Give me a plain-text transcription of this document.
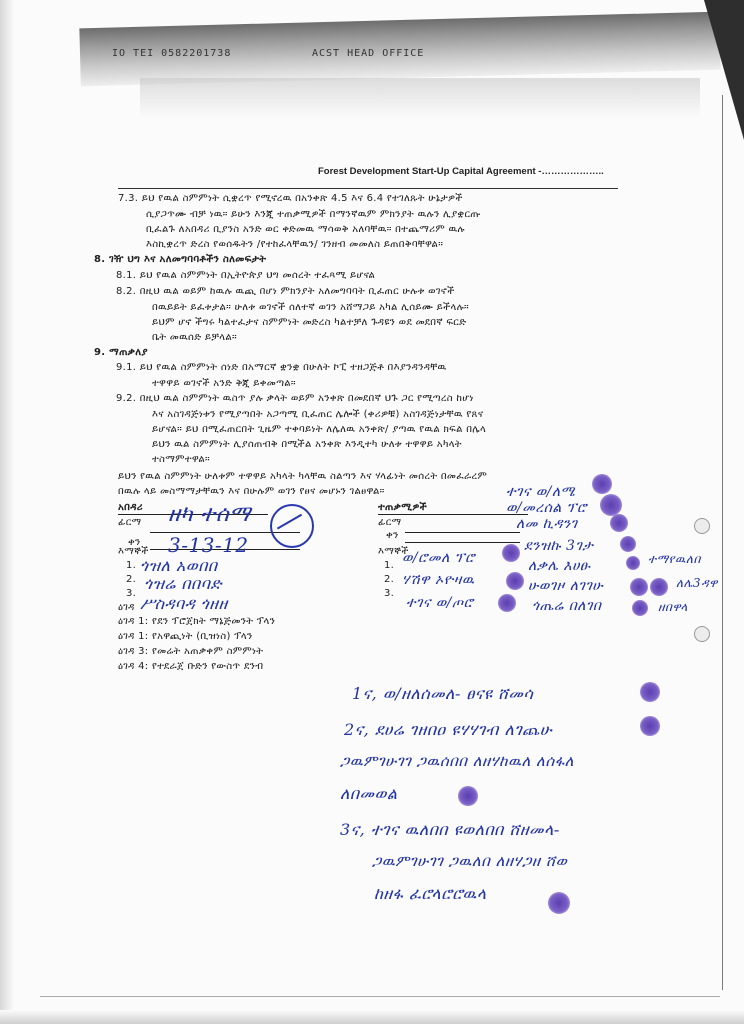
IO TEI 0582201738	ACST HEAD OFFICE
Forest Development Start-Up Capital Agreement -………………..
7.3. ይህ የዉል ስምምነት ሲቋረጥ የሚኖረዉ በአንቀጽ 4.5 እና 6.4 የተገለጹት ሁኔታዎች
ሲያጋጥሙ ብቻ ነዉ። ይሁን እንጂ ተጠቃሚዎች በማንኛዉም ምክንያት ዉሉን ሊያቋርጡ
ቢፈልጉ ለአበዳሪ ቢያንስ አንድ ወር ቀድመዉ ማሳወቅ አለባቸዉ። በተጨማሪም ዉሉ
እስኪቋረጥ ድረስ የወሰዱትን /የተከፈላቸዉን/ ገንዘብ መመለስ ይጠበቅባቸዋል።
8. ገዥ ህግ እና አለመግባባቶችን ስለመፍታት
8.1. ይህ የዉል ስምምነት በኢትዮጵያ ህግ መሰረት ተፈጻሚ ይሆናል
8.2. በዚህ ዉል ወይም ከዉሉ ዉጪ በሆነ ምክንያት አለመግባባት ቢፈጠር ሁሉቱ ወገኖች
በዉይይት ይፈቱታል። ሁለቱ ወገኖች ሰለተኛ ወገን አሸማጋይ አካል ሊሰይሙ ይችላሉ።
ይህም ሆኖ ችግሩ ካልተፈታና ስምምነት መድረስ ካልተቻለ ጉዳዩን ወደ መደበኛ ፍርድ
ቤት መዉሰድ ይቻላል።
9. ማጠቃለያ
9.1. ይህ የዉል ስምምነት ሰነድ በአማርኛ ቋንቋ በሁለት ኮፒ ተዘጋጅቶ በእያንዳንዳቸዉ
ተዋዋይ ወገኖች አንድ ቅጂ ይቀመጣል።
9.2. በዚህ ዉል ስምምነት ዉስጥ ያሉ ቃላት ወይም አንቀጽ በመደበኛ ህጉ ጋር የሚጣረስ ከሆነ
እና አስገዳጅነቱን የሚያጣበት አጋጣሚ ቢፈጠር ሌሎች (ቀሪዎቹ) አስገዳጅነታቸዉ የጸና
ይሆናል። ይህ በሚፈጠርበት ጊዜም ተቀባይነት ለሌለዉ አንቀጽ/ ያጣዉ የዉል ክፍል በሌላ
ይህን ዉል ስምምነት ሊያሰጠብቅ በሚችል አንቀጽ እንዲተካ ሁለቱ ተዋዋይ አካላት
ተስማምተዋል።
ይህን የዉል ስምምነት ሁለቱም ተዋዋይ አካላት ካላቸዉ ስልጣን እና ሃላፊነት መሰረት በመፈራረም
በዉሉ ላይ መስማማታቸዉን እና በሁሉም ወገን የፀና መሆኑን ገልፀዋል።
አበዳሪ
ፊርማ
ቀን
እማኞች
1.
2.
3.
ተጠቃሚዎች
ፊርማ
ቀን
እማኞች
1.
2.
3.
ዕገዳ
ዕገዳ 1: የደን ፕሮጀክት ማኔጅመንት ፕላን
ዕገዳ 1: የአዋጪነት (ቢዝነስ) ፕላን
ዕገዳ 3: የመሬት አጠቃቀም ስምምነት
ዕገዳ 4: የተደራጀ ቡድን የውስጥ ደንብ
ዘካ ተሰማ
3-13-12
ጎዝለ አወበበ
ጎዝሬ በበባድ
ሥስዳባዳ ጎዘዘ
ተገና ወ/ለሜ
ወ/መረሰል ፕሮ
ለመ ኪዳንገ
ወ/ሮመለ ፕሮ
ሃሽዋ ኦዮዛዉ
ተገና ወ/ጦሮ
ደንዝኩ 3ገታ
ለቃሌ እሀፁ
ሁወገዞ ለገገሁ
ጎጤሬ በለገበ
ተማየዉለበ
ለሌ3ዳዋ
ዘበዋላ
1ና, ወ/ዘለሰመለ- ፀናዩ ሸመሳ
2ና, ደሀሬ ገዘበዐ ዩሃሃገብ ለገጨሁ
ጋዉምገሁገገ ጋዉሰበበ ለዘሃከዉለ ለሰፋለ
ለበመወል
3ና, ተገና ዉለበበ ዩወለበበ ሸዘመላ-
ጋዉምገሁገገ ጋዉለበ ለዘሃጋዘ ሸወ
ከዘፋ ፈሮላሮሮዉላ
